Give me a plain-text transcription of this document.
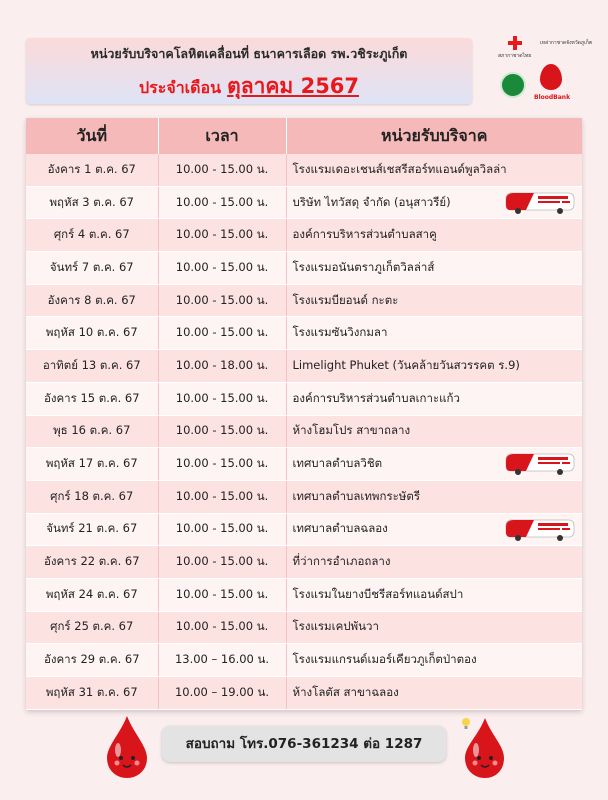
หน่วยรับบริจาคโลหิตเคลื่อนที่ ธนาคารเลือด รพ.วชิระภูเก็ต
ประจำเดือน ตุลาคม 2567
สภากาชาดไทย
เหล่ากาชาดจังหวัดภูเก็ต
BloodBank
วันที่	เวลา	หน่วยรับบริจาค
อังคาร 1 ต.ค. 67	10.00 - 15.00 น.	โรงแรมเดอะเชนส์เชสรีสอร์ทแอนด์พูลวิลล่า
พฤหัส 3 ต.ค. 67	10.00 - 15.00 น.	บริษัท ไทวัสดุ จำกัด (อนุสาวรีย์)

ศุกร์ 4 ต.ค. 67	10.00 - 15.00 น.	องค์การบริหารส่วนตำบลสาคู
จันทร์ 7 ต.ค. 67	10.00 - 15.00 น.	โรงแรมอนันตราภูเก็ตวิลล่าส์
อังคาร 8 ต.ค. 67	10.00 - 15.00 น.	โรงแรมบียอนด์ กะตะ
พฤหัส 10 ต.ค. 67	10.00 - 15.00 น.	โรงแรมซันวิงกมลา
อาทิตย์ 13 ต.ค. 67	10.00 - 18.00 น.	Limelight Phuket (วันคล้ายวันสวรรคต ร.9)
อังคาร 15 ต.ค. 67	10.00 - 15.00 น.	องค์การบริหารส่วนตำบลเกาะแก้ว
พุธ 16 ต.ค. 67	10.00 - 15.00 น.	ห้างโฮมโปร สาขาถลาง
พฤหัส 17 ต.ค. 67	10.00 - 15.00 น.	เทศบาลตำบลวิชิต

ศุกร์ 18 ต.ค. 67	10.00 - 15.00 น.	เทศบาลตำบลเทพกระษัตรี
จันทร์ 21 ต.ค. 67	10.00 - 15.00 น.	เทศบาลตำบลฉลอง

อังคาร 22 ต.ค. 67	10.00 - 15.00 น.	ที่ว่าการอำเภอถลาง
พฤหัส 24 ต.ค. 67	10.00 - 15.00 น.	โรงแรมในยางบีชรีสอร์ทแอนด์สปา
ศุกร์ 25 ต.ค. 67	10.00 - 15.00 น.	โรงแรมเคปพันวา
อังคาร 29 ต.ค. 67	13.00 – 16.00 น.	โรงแรมแกรนด์เมอร์เคียวภูเก็ตป่าตอง
พฤหัส 31 ต.ค. 67	10.00 – 19.00 น.	ห้างโลตัส สาขาฉลอง
สอบถาม โทร.076-361234 ต่อ 1287
